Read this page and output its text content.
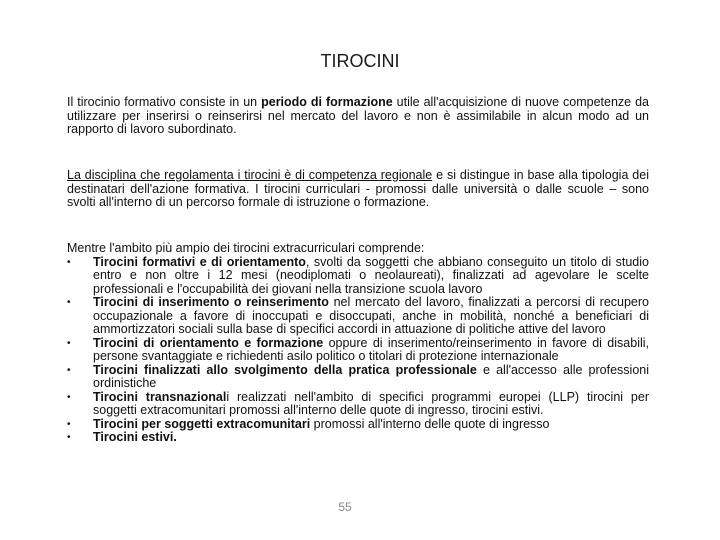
TIROCINI
Il tirocinio formativo consiste in un periodo di formazione utile all'acquisizione di nuove competenze da utilizzare per inserirsi o reinserirsi nel mercato del lavoro e non è assimilabile in alcun modo ad un rapporto di lavoro subordinato.
La disciplina che regolamenta i tirocini è di competenza regionale e si distingue in base alla tipologia dei destinatari dell'azione formativa. I tirocini curriculari - promossi dalle università o dalle scuole – sono svolti all'interno di un percorso formale di istruzione o formazione.
Mentre l'ambito più ampio dei tirocini extracurriculari comprende:
• Tirocini formativi e di orientamento, svolti da soggetti che abbiano conseguito un titolo di studio entro e non oltre i 12 mesi (neodiplomati o neolaureati), finalizzati ad agevolare le scelte professionali e l'occupabilità dei giovani nella transizione scuola lavoro
• Tirocini di inserimento o reinserimento nel mercato del lavoro, finalizzati a percorsi di recupero occupazionale a favore di inoccupati e disoccupati, anche in mobilità, nonché a beneficiari di ammortizzatori sociali sulla base di specifici accordi in attuazione di politiche attive del lavoro
• Tirocini di orientamento e formazione oppure di inserimento/reinserimento in favore di disabili, persone svantaggiate e richiedenti asilo politico o titolari di protezione internazionale
• Tirocini finalizzati allo svolgimento della pratica professionale e all'accesso alle professioni ordinistiche
• Tirocini transnazionali realizzati nell'ambito di specifici programmi europei (LLP) tirocini per soggetti extracomunitari promossi all'interno delle quote di ingresso, tirocini estivi.
• Tirocini per soggetti extracomunitari promossi all'interno delle quote di ingresso
• Tirocini estivi.
55
